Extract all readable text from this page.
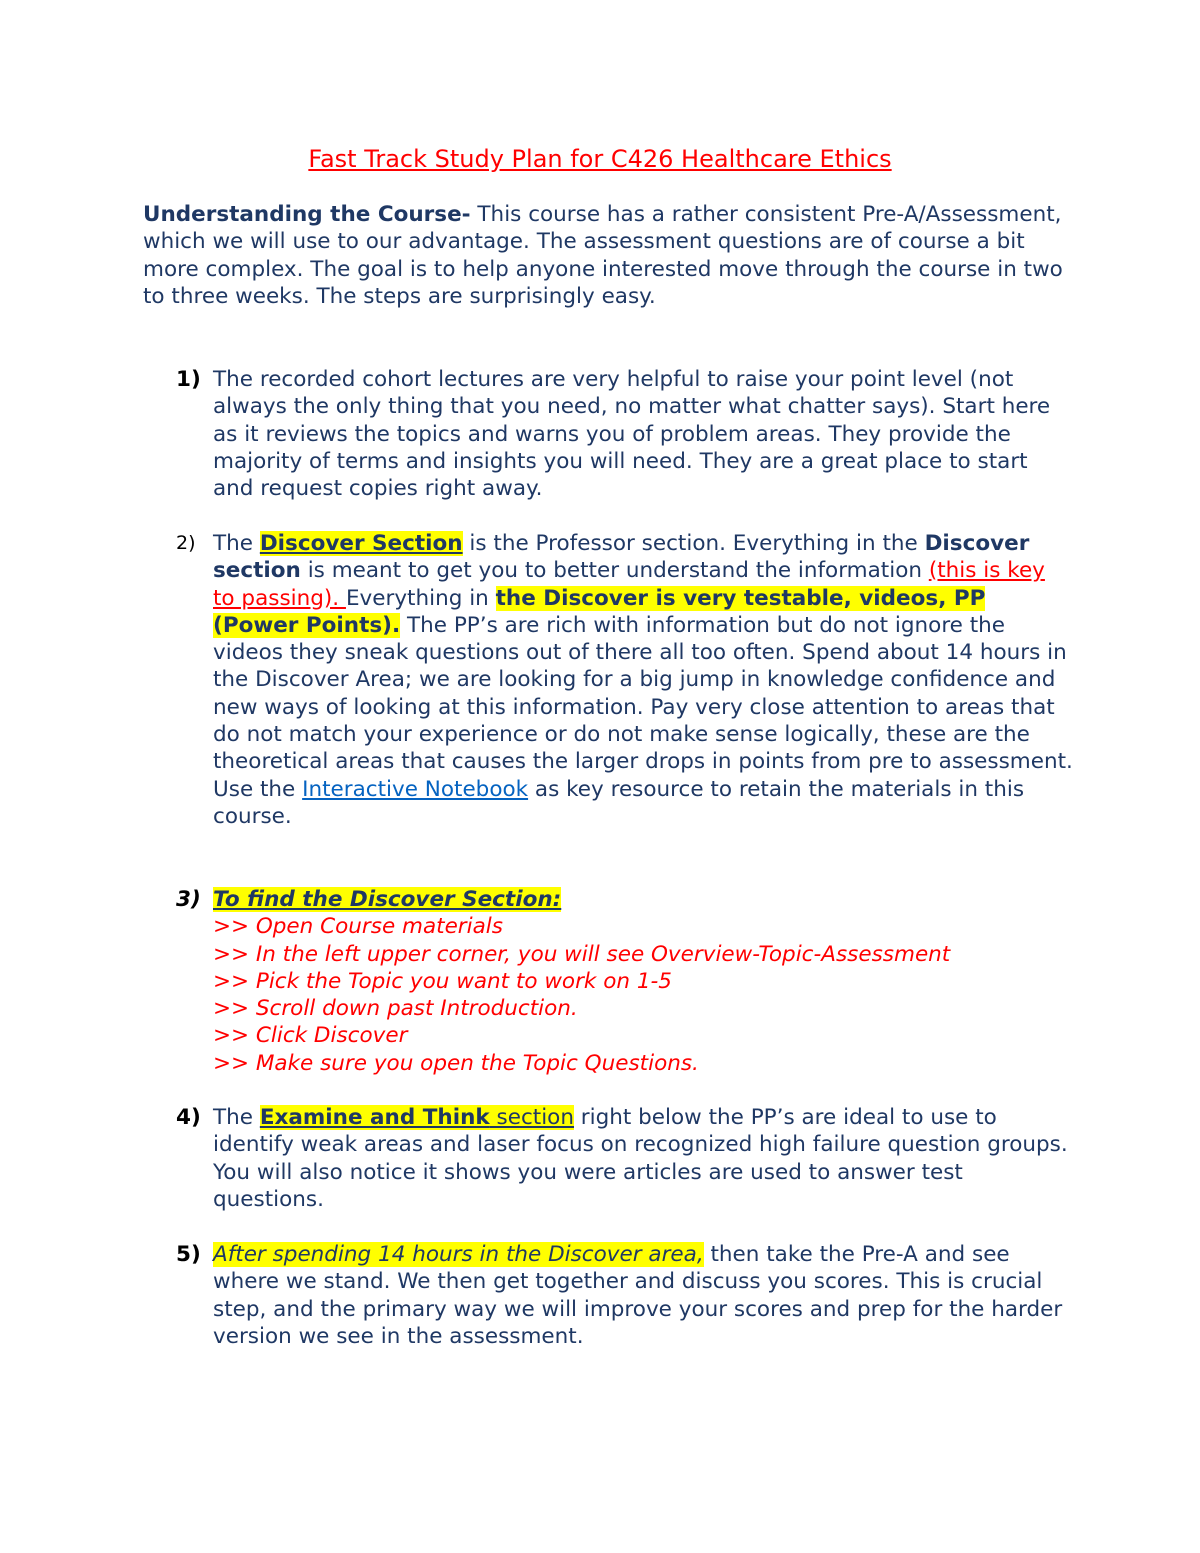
Fast Track Study Plan for C426 Healthcare Ethics

Understanding the Course- This course has a rather consistent Pre-A/Assessment, which we will use to our advantage. The assessment questions are of course a bit more complex. The goal is to help anyone interested move through the course in two to three weeks. The steps are surprisingly easy.

1) The recorded cohort lectures are very helpful to raise your point level (not always the only thing that you need, no matter what chatter says). Start here as it reviews the topics and warns you of problem areas. They provide the majority of terms and insights you will need. They are a great place to start and request copies right away.

2) The Discover Section is the Professor section. Everything in the Discover section is meant to get you to better understand the information (this is key to passing). Everything in the Discover is very testable, videos, PP (Power Points). The PP’s are rich with information but do not ignore the videos they sneak questions out of there all too often. Spend about 14 hours in the Discover Area; we are looking for a big jump in knowledge confidence and new ways of looking at this information. Pay very close attention to areas that do not match your experience or do not make sense logically, these are the theoretical areas that causes the larger drops in points from pre to assessment. Use the Interactive Notebook as key resource to retain the materials in this course.

3) To find the Discover Section:

>> Open Course materials
>> In the left upper corner, you will see Overview-Topic-Assessment
>> Pick the Topic you want to work on 1-5
>> Scroll down past Introduction.
>> Click Discover
>> Make sure you open the Topic Questions.
4) The Examine and Think section right below the PP’s are ideal to use to identify weak areas and laser focus on recognized high failure question groups. You will also notice it shows you were articles are used to answer test questions.

5) After spending 14 hours in the Discover area, then take the Pre-A and see where we stand. We then get together and discuss you scores. This is crucial step, and the primary way we will improve your scores and prep for the harder version we see in the assessment.
